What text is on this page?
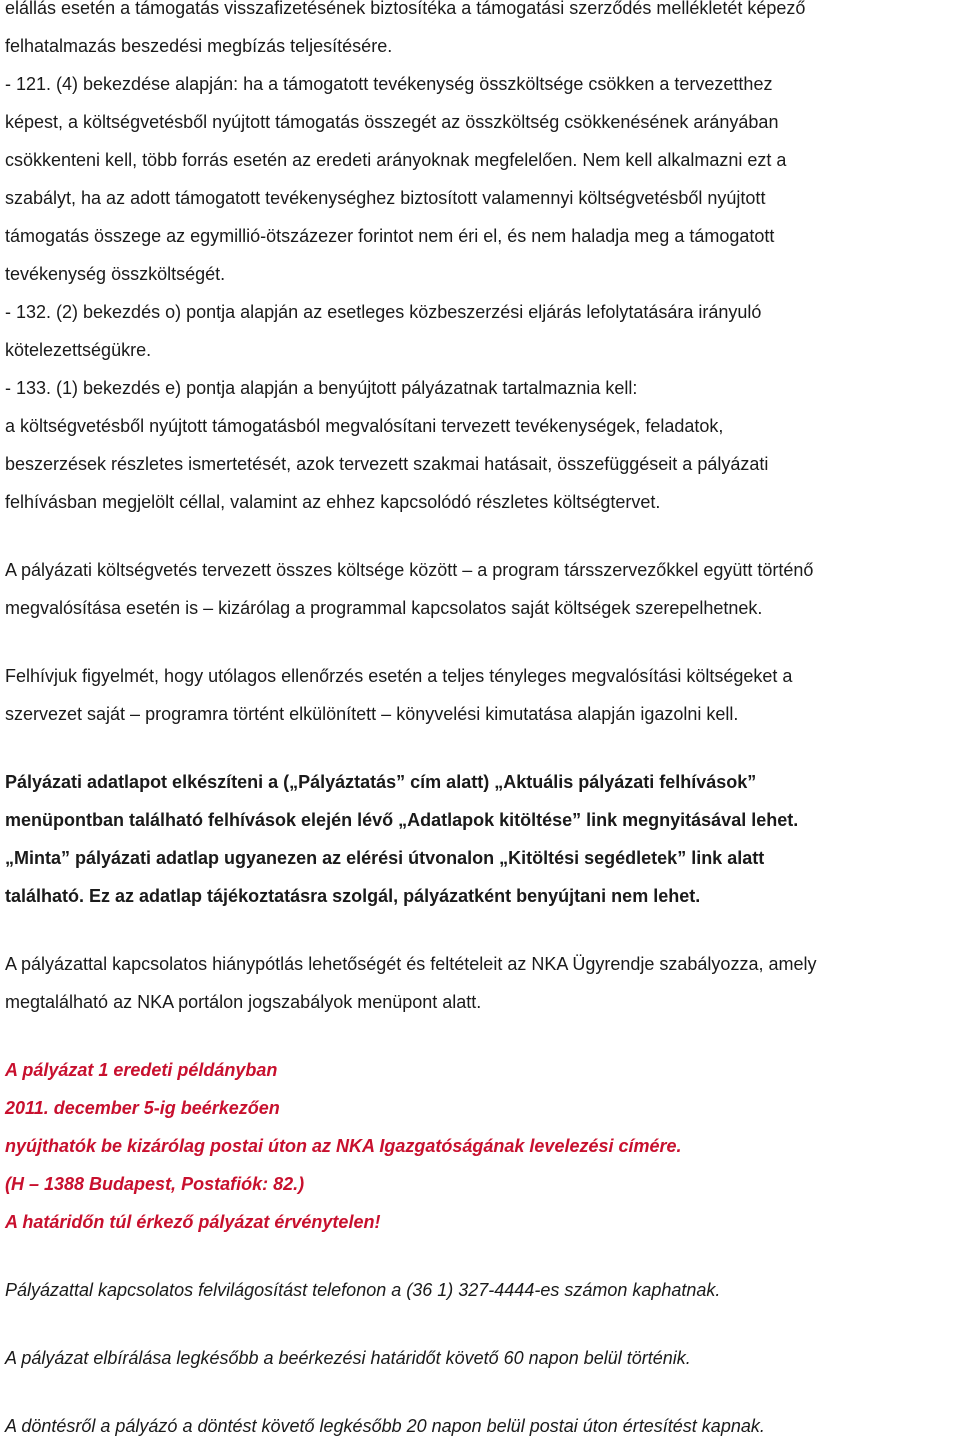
elállás esetén a támogatás visszafizetésének biztosítéka a támogatási szerződés mellékletét képező
felhatalmazás beszedési megbízás teljesítésére.
- 121. (4) bekezdése alapján: ha a támogatott tevékenység összköltsége csökken a tervezetthez
képest, a költségvetésből nyújtott támogatás összegét az összköltség csökkenésének arányában
csökkenteni kell, több forrás esetén az eredeti arányoknak megfelelően. Nem kell alkalmazni ezt a
szabályt, ha az adott támogatott tevékenységhez biztosított valamennyi költségvetésből nyújtott
támogatás összege az egymillió-ötszázezer forintot nem éri el, és nem haladja meg a támogatott
tevékenység összköltségét.
- 132. (2) bekezdés o) pontja alapján az esetleges közbeszerzési eljárás lefolytatására irányuló
kötelezettségükre.
- 133. (1) bekezdés e) pontja alapján a benyújtott pályázatnak tartalmaznia kell:
a költségvetésből nyújtott támogatásból megvalósítani tervezett tevékenységek, feladatok,
beszerzések részletes ismertetését, azok tervezett szakmai hatásait, összefüggéseit a pályázati
felhívásban megjelölt céllal, valamint az ehhez kapcsolódó részletes költségtervet.
A pályázati költségvetés tervezett összes költsége között – a program társszervezőkkel együtt történő
megvalósítása esetén is – kizárólag a programmal kapcsolatos saját költségek szerepelhetnek.
Felhívjuk figyelmét, hogy utólagos ellenőrzés esetén a teljes tényleges megvalósítási költségeket a
szervezet saját – programra történt elkülönített – könyvelési kimutatása alapján igazolni kell.
Pályázati adatlapot elkészíteni a („Pályáztatás” cím alatt) „Aktuális pályázati felhívások”
menüpontban található felhívások elején lévő „Adatlapok kitöltése” link megnyitásával lehet.
„Minta” pályázati adatlap ugyanezen az elérési útvonalon „Kitöltési segédletek” link alatt
található. Ez az adatlap tájékoztatásra szolgál, pályázatként benyújtani nem lehet.
A pályázattal kapcsolatos hiánypótlás lehetőségét és feltételeit az NKA Ügyrendje szabályozza, amely
megtalálható az NKA portálon jogszabályok menüpont alatt.
A pályázat 1 eredeti példányban
2011. december 5-ig beérkezően
nyújthatók be kizárólag postai úton az NKA Igazgatóságának levelezési címére.
(H – 1388 Budapest, Postafiók: 82.)
A határidőn túl érkező pályázat érvénytelen!
Pályázattal kapcsolatos felvilágosítást telefonon a (36 1) 327-4444-es számon kaphatnak.
A pályázat elbírálása legkésőbb a beérkezési határidőt követő 60 napon belül történik.
A döntésről a pályázó a döntést követő legkésőbb 20 napon belül postai úton értesítést kapnak.
